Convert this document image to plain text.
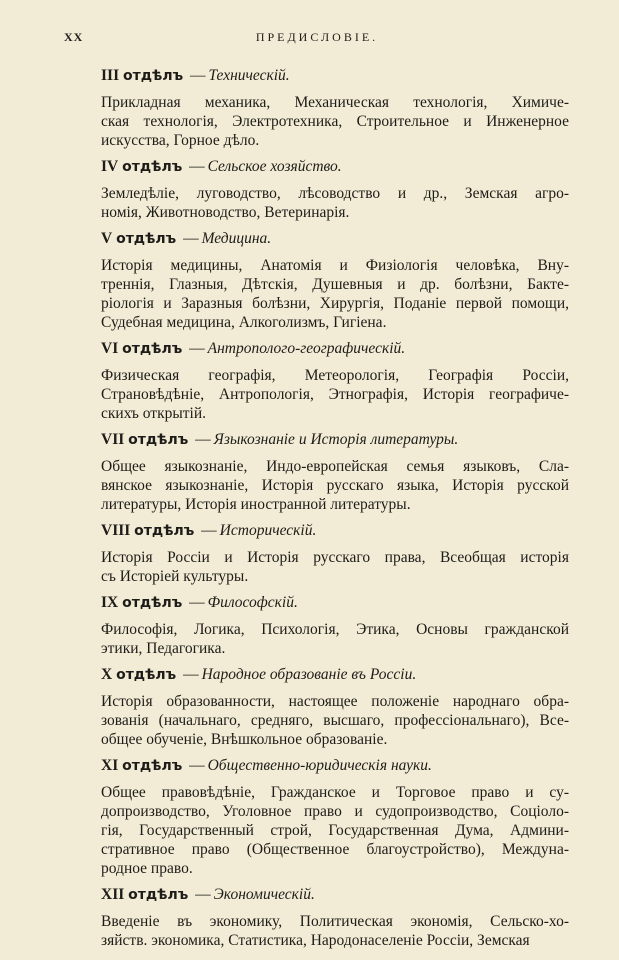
XX	ПРЕДИСЛОВІЕ.
III отдѣлъ — Техническій.
Прикладная механика, Механическая технологія, Химиче-
ская технологія, Электротехника, Строительное и Инженерное
искусства, Горное дѣло.
IV отдѣлъ — Сельское хозяйство.
Земледѣліе, луговодство, лѣсоводство и др., Земская агро-
номія, Животноводство, Ветеринарія.
V отдѣлъ — Медицина.
Исторія медицины, Анатомія и Физіологія человѣка, Вну-
треннія, Глазныя, Дѣтскія, Душевныя и др. болѣзни, Бакте-
ріологія и Заразныя болѣзни, Хирургія, Поданіе первой помощи,
Судебная медицина, Алкоголизмъ, Гигіена.
VI отдѣлъ — Антропологo-географическій.
Физическая географія, Метеорологія, Географія Россіи,
Страновѣдѣніе, Антропологія, Этнографія, Исторія географиче-
скихъ открытій.
VII отдѣлъ — Языкознаніе и Исторія литературы.
Общее языкознаніе, Индо-европейская семья языковъ, Сла-
вянское языкознаніе, Исторія русскаго языка, Исторія русской
литературы, Исторія иностранной литературы.
VIII отдѣлъ — Историческій.
Исторія Россіи и Исторія русскаго права, Всеобщая исторія
съ Исторіей культуры.
IX отдѣлъ — Философскій.
Философія, Логика, Психологія, Этика, Основы гражданской
этики, Педагогика.
X отдѣлъ — Народное образованіе въ Россіи.
Исторія образованности, настоящее положеніе народнаго обра-
зованія (начальнаго, средняго, высшаго, профессіональнаго), Все-
общее обученіе, Внѣшкольное образованіе.
XI отдѣлъ — Общественно-юридическія науки.
Общее правовѣдѣніе, Гражданское и Торговое право и су-
допроизводство, Уголовное право и судопроизводство, Соціоло-
гія, Государственный строй, Государственная Дума, Админи-
стративное право (Общественное благоустройство), Междуна-
родное право.
XII отдѣлъ — Экономическій.
Введеніе въ экономику, Политическая экономія, Сельско-хо-
зяйств. экономика, Статистика, Народонаселеніе Россіи, Земская
